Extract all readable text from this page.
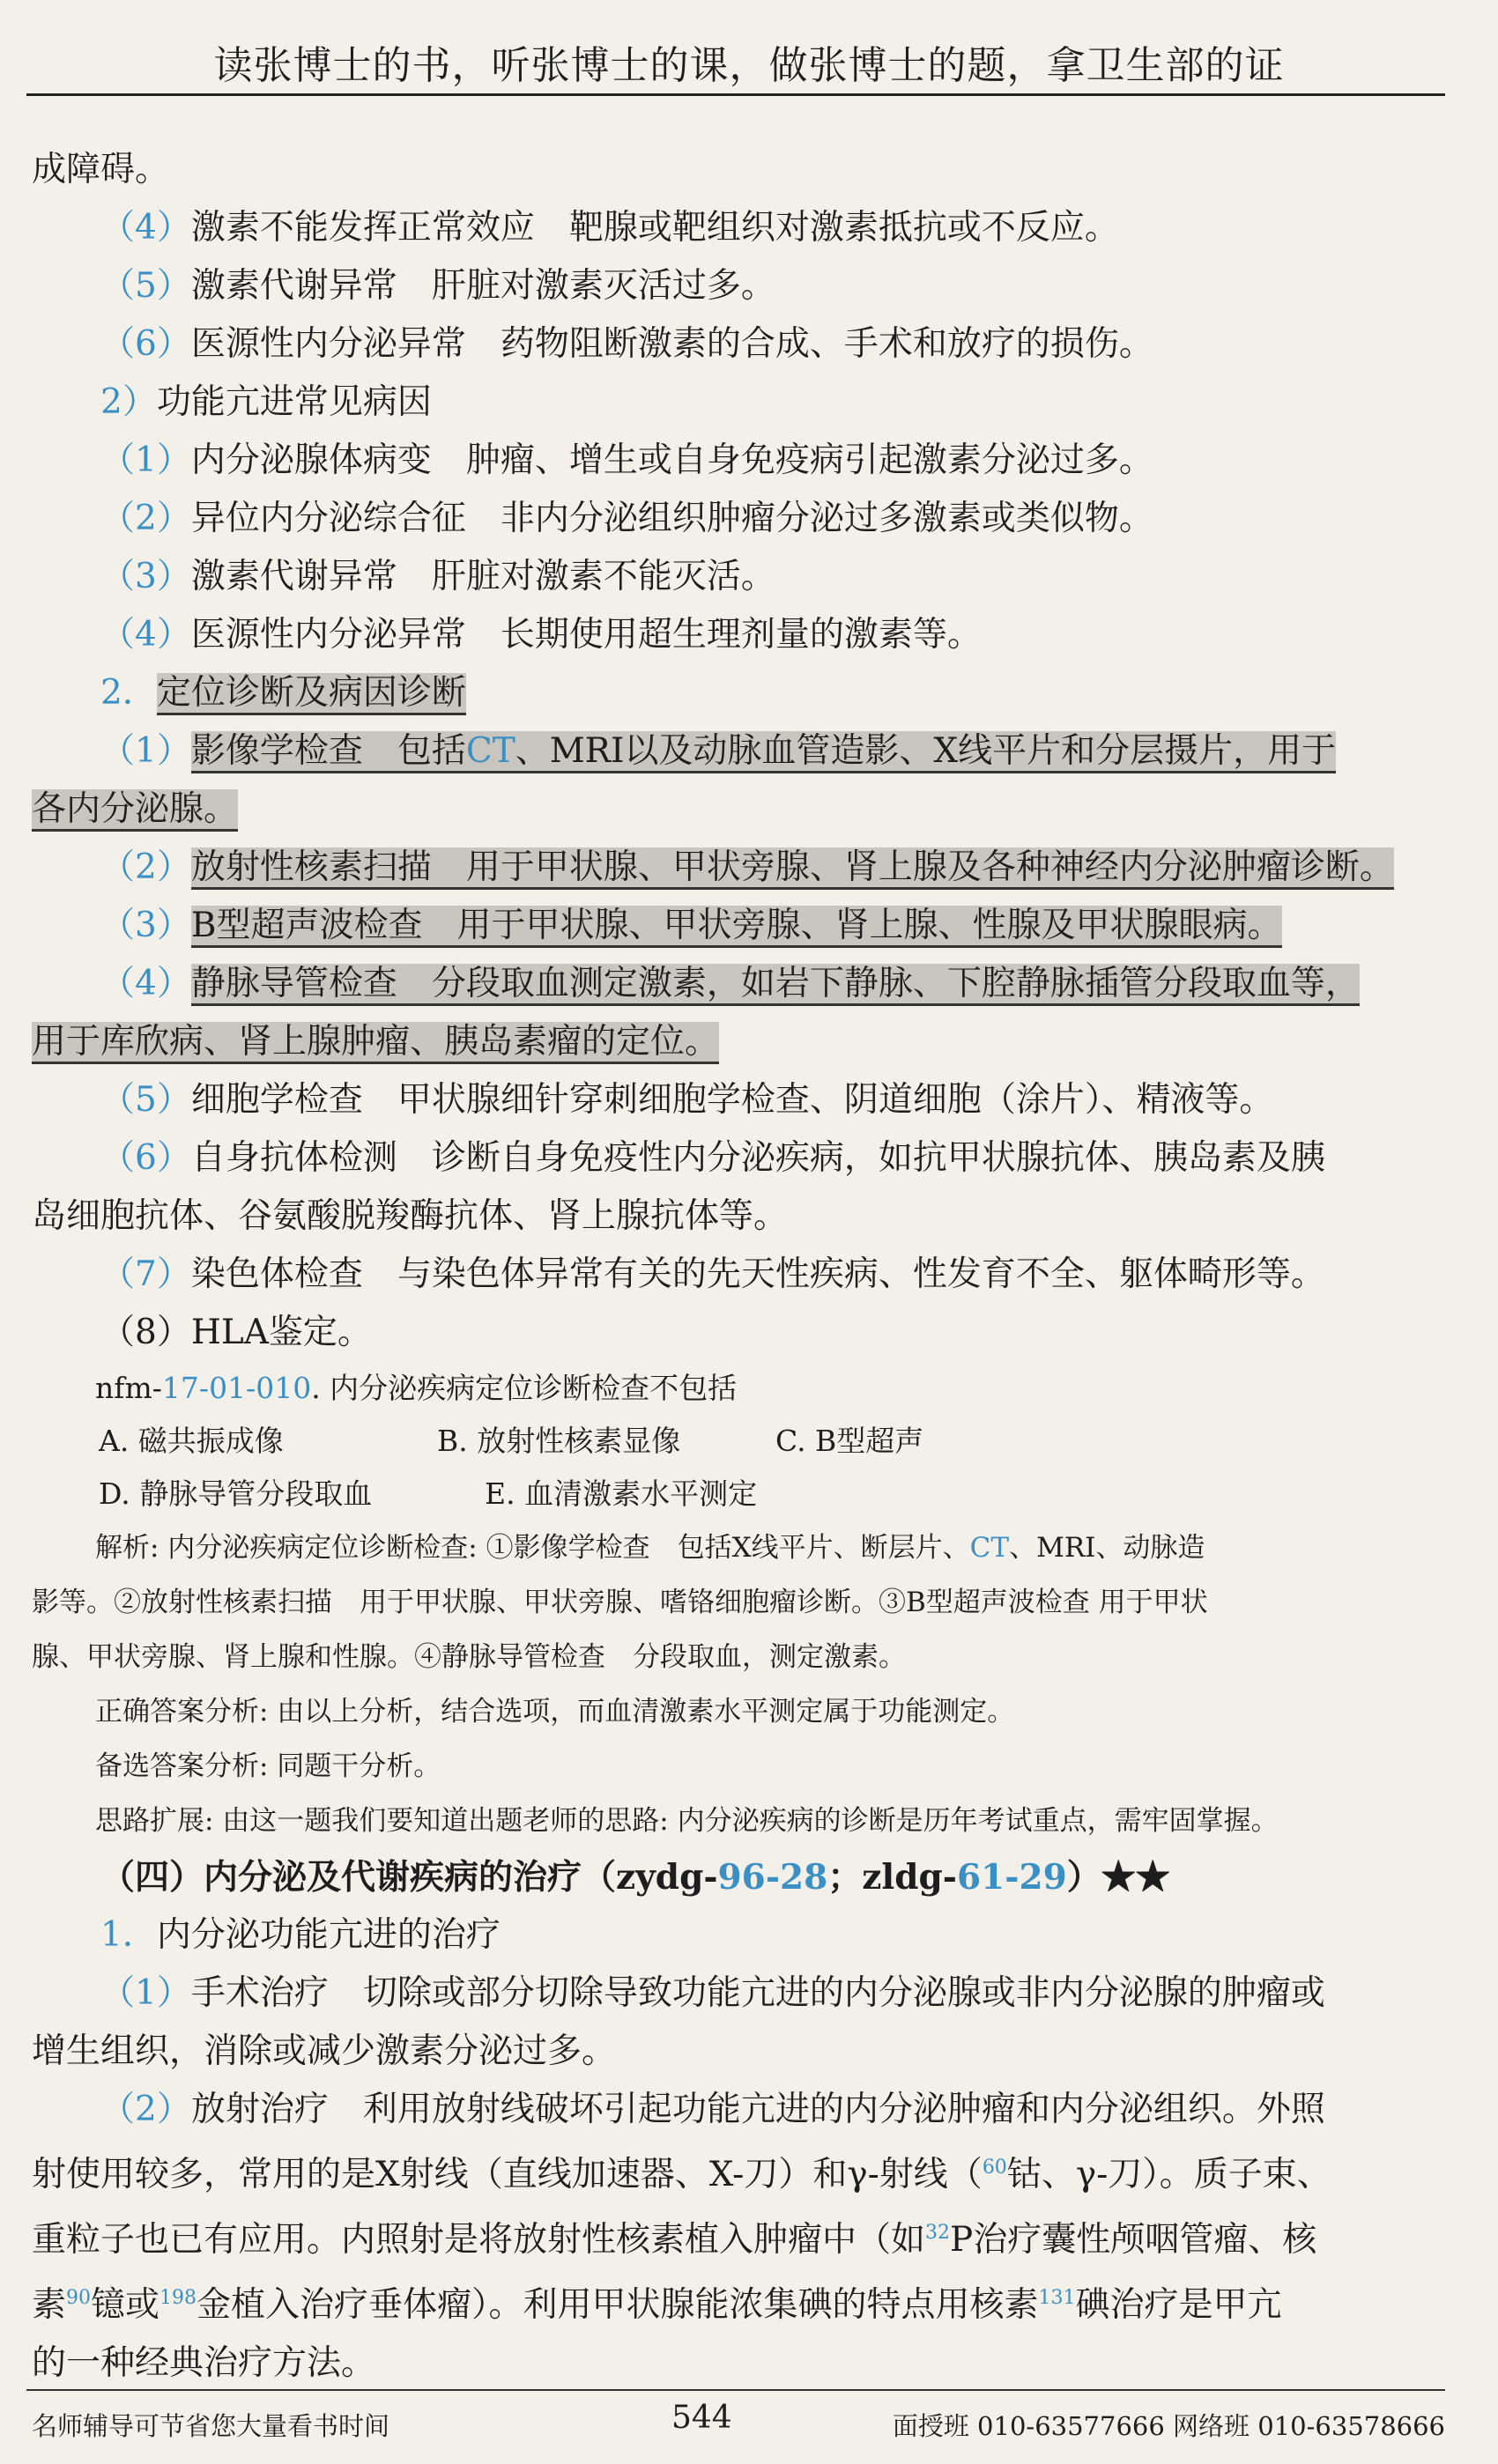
读张博士的书，听张博士的课，做张博士的题，拿卫生部的证
成障碍。
（4）激素不能发挥正常效应　靶腺或靶组织对激素抵抗或不反应。
（5）激素代谢异常　肝脏对激素灭活过多。
（6）医源性内分泌异常　药物阻断激素的合成、手术和放疗的损伤。
2）功能亢进常见病因
（1）内分泌腺体病变　肿瘤、增生或自身免疫病引起激素分泌过多。
（2）异位内分泌综合征　非内分泌组织肿瘤分泌过多激素或类似物。
（3）激素代谢异常　肝脏对激素不能灭活。
（4）医源性内分泌异常　长期使用超生理剂量的激素等。
2．定位诊断及病因诊断
（1）影像学检查　包括CT、MRI以及动脉血管造影、X线平片和分层摄片，用于
各内分泌腺。
（2）放射性核素扫描　用于甲状腺、甲状旁腺、肾上腺及各种神经内分泌肿瘤诊断。
（3）B型超声波检查　用于甲状腺、甲状旁腺、肾上腺、性腺及甲状腺眼病。
（4）静脉导管检查　分段取血测定激素，如岩下静脉、下腔静脉插管分段取血等，
用于库欣病、肾上腺肿瘤、胰岛素瘤的定位。
（5）细胞学检查　甲状腺细针穿刺细胞学检查、阴道细胞（涂片）、精液等。
（6）自身抗体检测　诊断自身免疫性内分泌疾病，如抗甲状腺抗体、胰岛素及胰
岛细胞抗体、谷氨酸脱羧酶抗体、肾上腺抗体等。
（7）染色体检查　与染色体异常有关的先天性疾病、性发育不全、躯体畸形等。
（8）HLA鉴定。
nfm-17-01-010. 内分泌疾病定位诊断检查不包括
A. 磁共振成像	B. 放射性核素显像	C. B型超声
D. 静脉导管分段取血	E. 血清激素水平测定
解析: 内分泌疾病定位诊断检查: ①影像学检查　包括X线平片、断层片、CT、MRI、动脉造
影等。②放射性核素扫描　用于甲状腺、甲状旁腺、嗜铬细胞瘤诊断。③B型超声波检查 用于甲状
腺、甲状旁腺、肾上腺和性腺。④静脉导管检查　分段取血，测定激素。
正确答案分析: 由以上分析，结合选项，而血清激素水平测定属于功能测定。
备选答案分析: 同题干分析。
思路扩展: 由这一题我们要知道出题老师的思路: 内分泌疾病的诊断是历年考试重点，需牢固掌握。
（四）内分泌及代谢疾病的治疗（zydg-96-28；zldg-61-29）★★
1．内分泌功能亢进的治疗
（1）手术治疗　切除或部分切除导致功能亢进的内分泌腺或非内分泌腺的肿瘤或
增生组织，消除或减少激素分泌过多。
（2）放射治疗　利用放射线破坏引起功能亢进的内分泌肿瘤和内分泌组织。外照
射使用较多，常用的是X射线（直线加速器、X-刀）和γ-射线（$^{60}$钴、γ-刀）。质子束、
重粒子也已有应用。内照射是将放射性核素植入肿瘤中（如$^{32}$P治疗囊性颅咽管瘤、核
素$^{90}$镱或$^{198}$金植入治疗垂体瘤）。利用甲状腺能浓集碘的特点用核素$^{131}$碘治疗是甲亢
的一种经典治疗方法。
名师辅导可节省您大量看书时间	544	面授班 010-63577666 网络班 010-63578666
